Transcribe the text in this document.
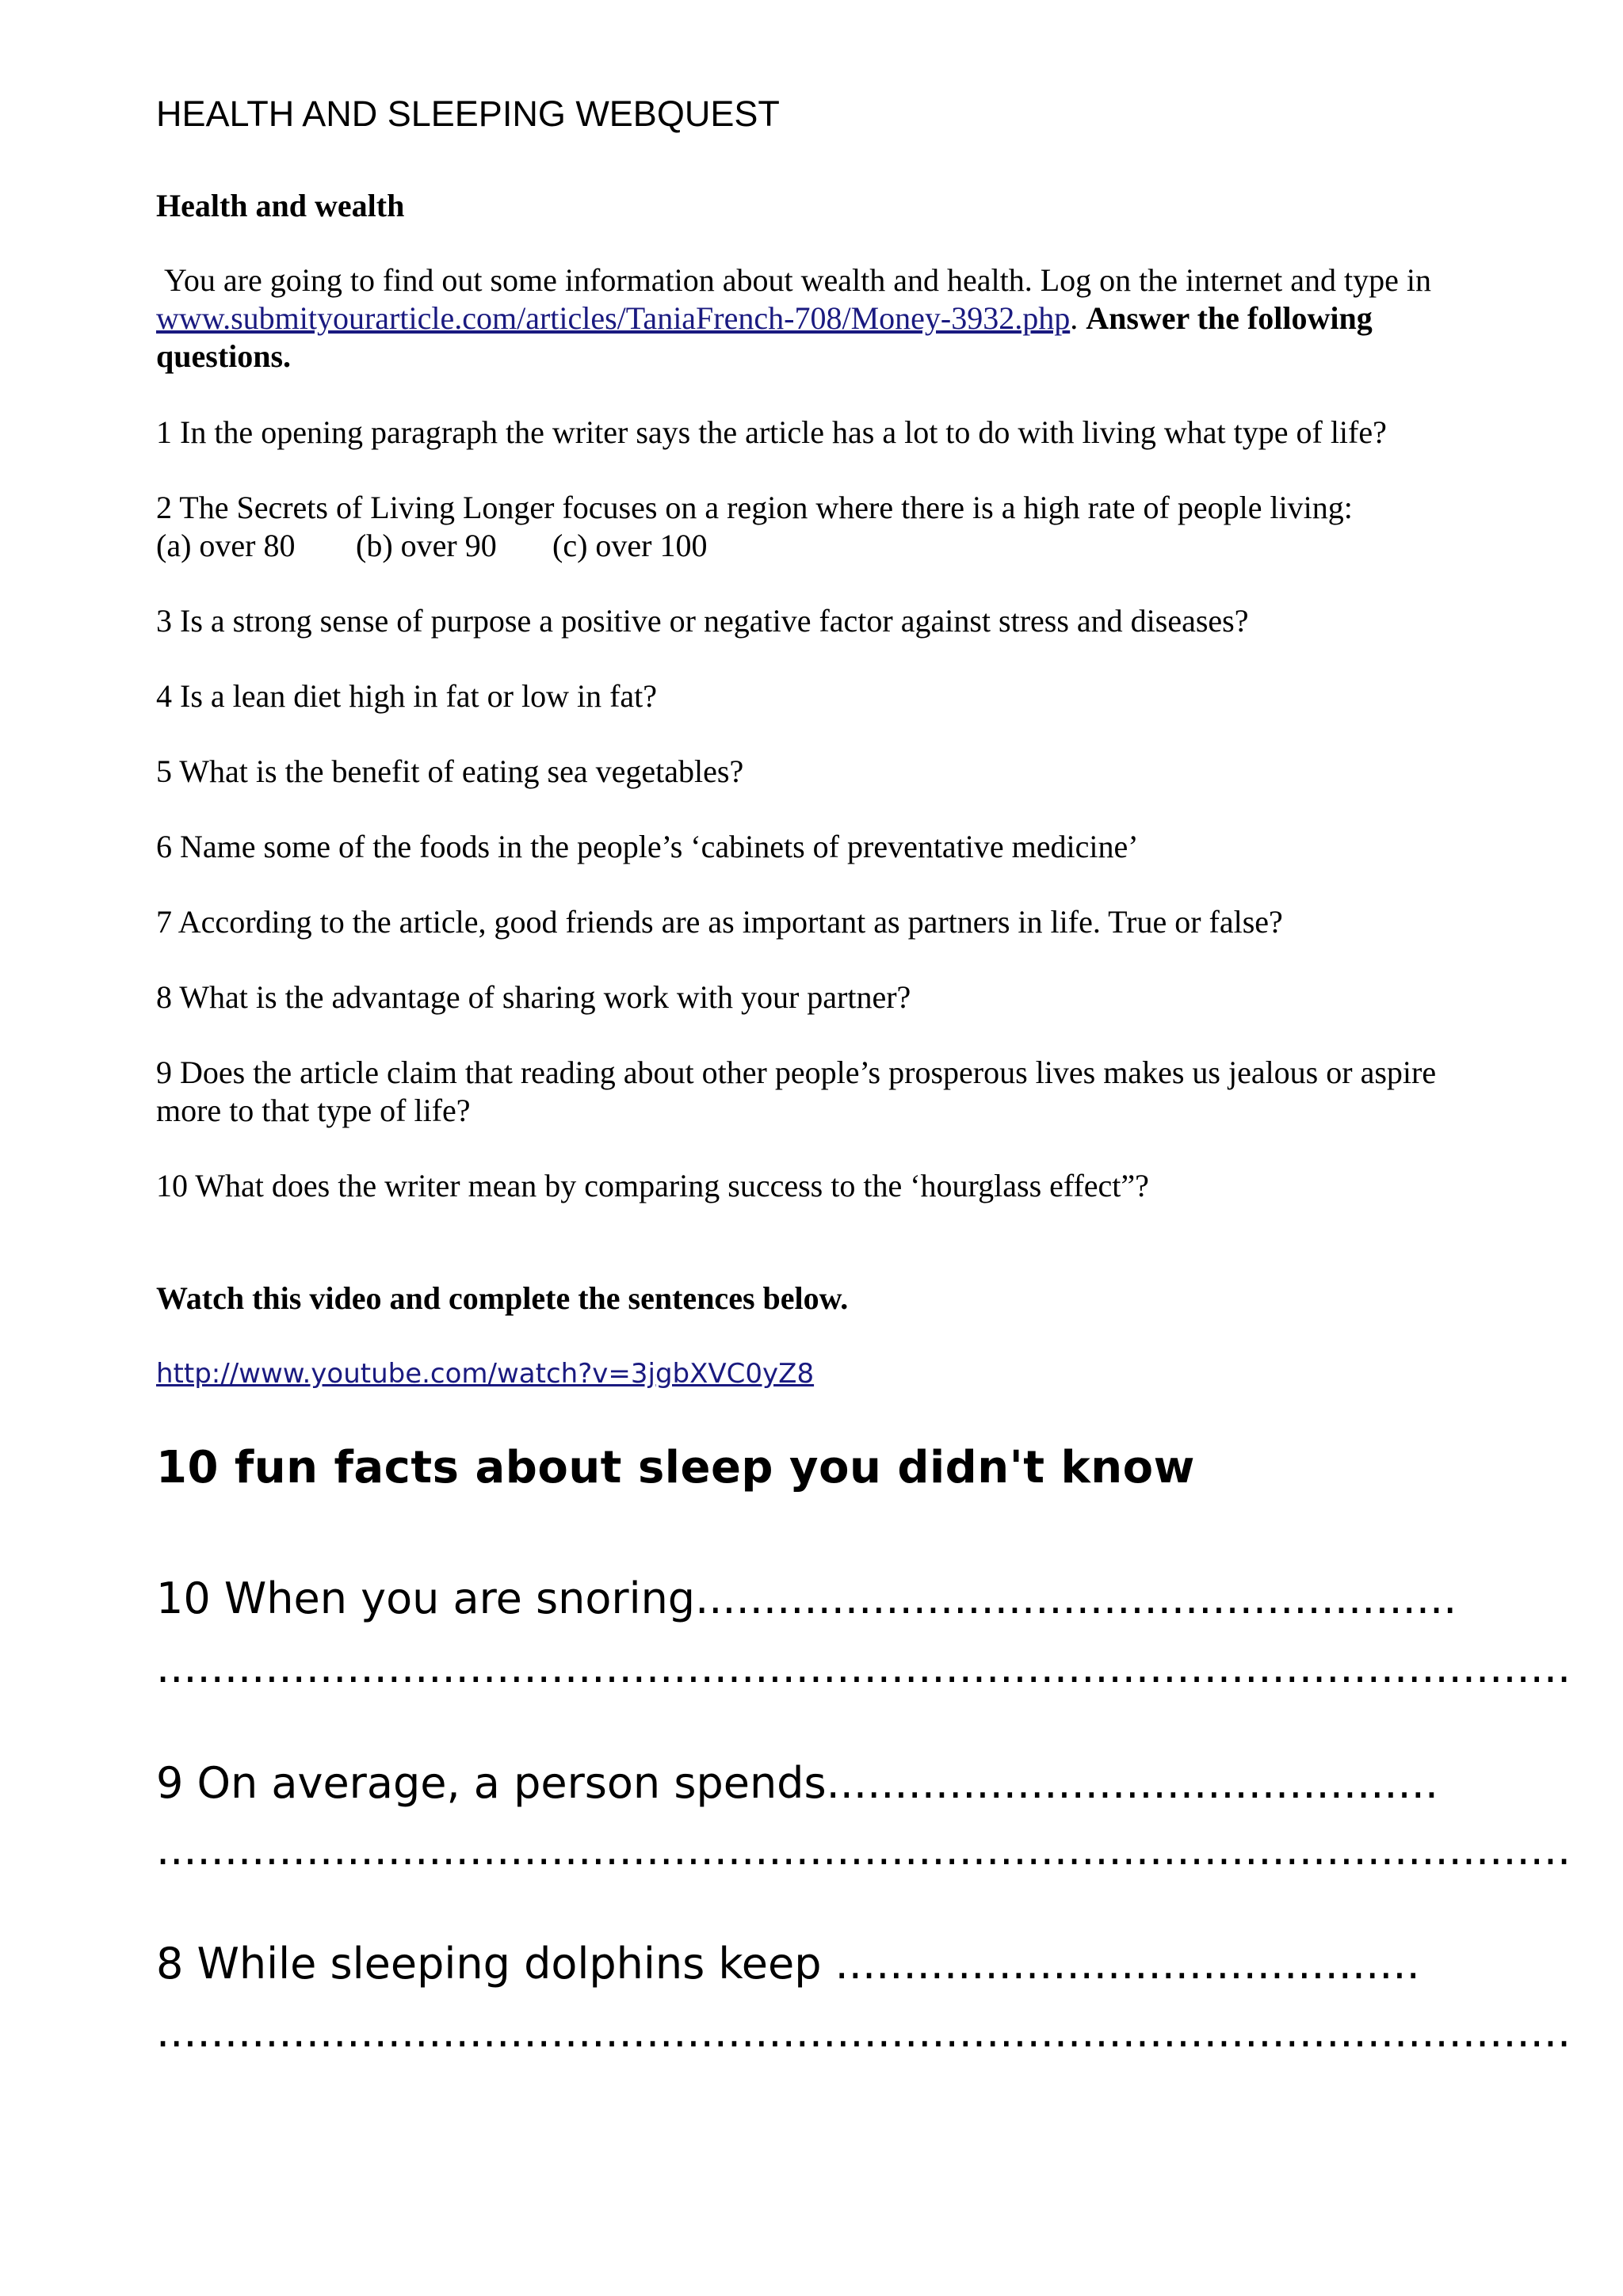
HEALTH AND SLEEPING WEBQUEST
Health and wealth
You are going to find out some information about wealth and health. Log on the internet and type in www.submityourarticle.com/articles/TaniaFrench-708/Money-3932.php. Answer the following questions.
1 In the opening paragraph the writer says the article has a lot to do with living what type of life?
2 The Secrets of Living Longer focuses on a region where there is a high rate of people living:
(a) over 80 (b) over 90 (c) over 100
3 Is a strong sense of purpose a positive or negative factor against stress and diseases?
4 Is a lean diet high in fat or low in fat?
5 What is the benefit of eating sea vegetables?
6 Name some of the foods in the people’s ‘cabinets of preventative medicine’
7 According to the article, good friends are as important as partners in life. True or false?
8 What is the advantage of sharing work with your partner?
9 Does the article claim that reading about other people’s prosperous lives makes us jealous or aspire more to that type of life?
10 What does the writer mean by comparing success to the ‘hourglass effect”?
Watch this video and complete the sentences below.
http://www.youtube.com/watch?v=3jgbXVC0yZ8
10 fun facts about sleep you didn't know
10 When you are snoring........................................................
........................................................................................................
9 On average, a person spends.............................................
........................................................................................................
8 While sleeping dolphins keep ...........................................
........................................................................................................
